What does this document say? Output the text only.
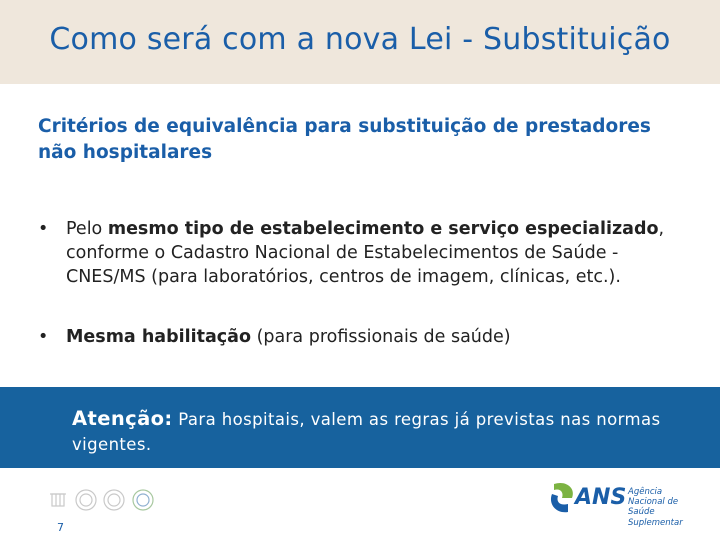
Como será com a nova Lei - Substituição
Critérios de equivalência para substituição de prestadores não hospitalares
• Pelo mesmo tipo de estabelecimento e serviço especializado, conforme o Cadastro Nacional de Estabelecimentos de Saúde - CNES/MS (para laboratórios, centros de imagem, clínicas, etc.).
• Mesma habilitação (para profissionais de saúde)
Atenção: Para hospitais, valem as regras já previstas nas normas vigentes.
7
ANS Agência Nacional de Saúde Suplementar
